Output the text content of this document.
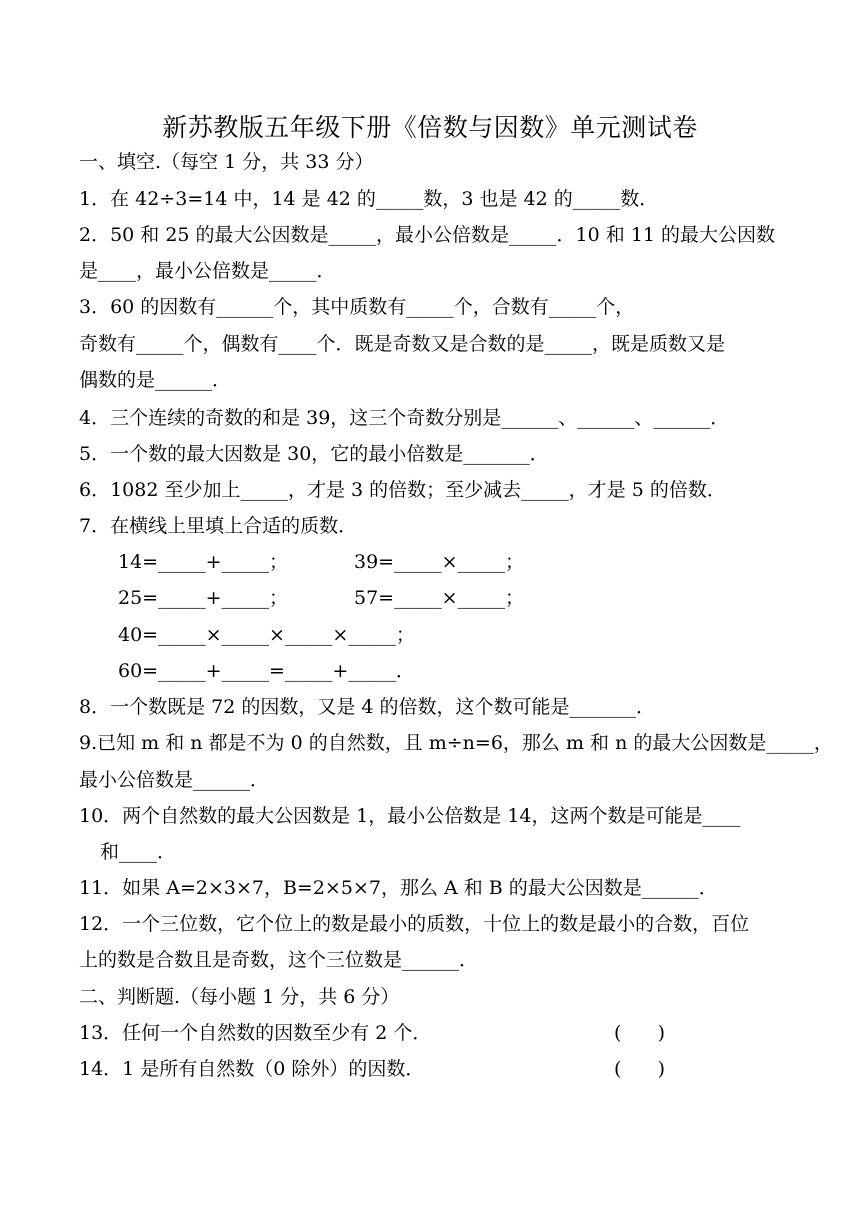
新苏教版五年级下册《倍数与因数》单元测试卷
一、填空.（每空 1 分，共 33 分）
1．在 42÷3=14 中，14 是 42 的_____数，3 也是 42 的_____数．
2．50 和 25 的最大公因数是_____，最小公倍数是_____．10 和 11 的最大公因数
是____，最小公倍数是_____．
3．60 的因数有______个，其中质数有_____个，合数有_____个，
奇数有_____个，偶数有____个．既是奇数又是合数的是_____，既是质数又是
偶数的是______．
4．三个连续的奇数的和是 39，这三个奇数分别是______、______、______．
5．一个数的最大因数是 30，它的最小倍数是_______．
6．1082 至少加上_____，才是 3 的倍数；至少减去_____，才是 5 的倍数．
7．在横线上里填上合适的质数．
14=_____+_____；	39=_____×_____；
25=_____+_____；	57=_____×_____；
40=_____×_____×_____×_____；
60=_____+_____=_____+_____．
8．一个数既是 72 的因数，又是 4 的倍数，这个数可能是_______．
9.已知 m 和 n 都是不为 0 的自然数，且 m÷n=6，那么 m 和 n 的最大公因数是_____，
最小公倍数是______．
10．两个自然数的最大公因数是 1，最小公倍数是 14，这两个数是可能是____
和____．
11．如果 A=2×3×7，B=2×5×7，那么 A 和 B 的最大公因数是______．
12．一个三位数，它个位上的数是最小的质数，十位上的数是最小的合数，百位
上的数是合数且是奇数，这个三位数是______．
二、判断题.（每小题 1 分，共 6 分）
13．任何一个自然数的因数至少有 2 个．	(      )
14．1 是所有自然数（0 除外）的因数．	(      )
